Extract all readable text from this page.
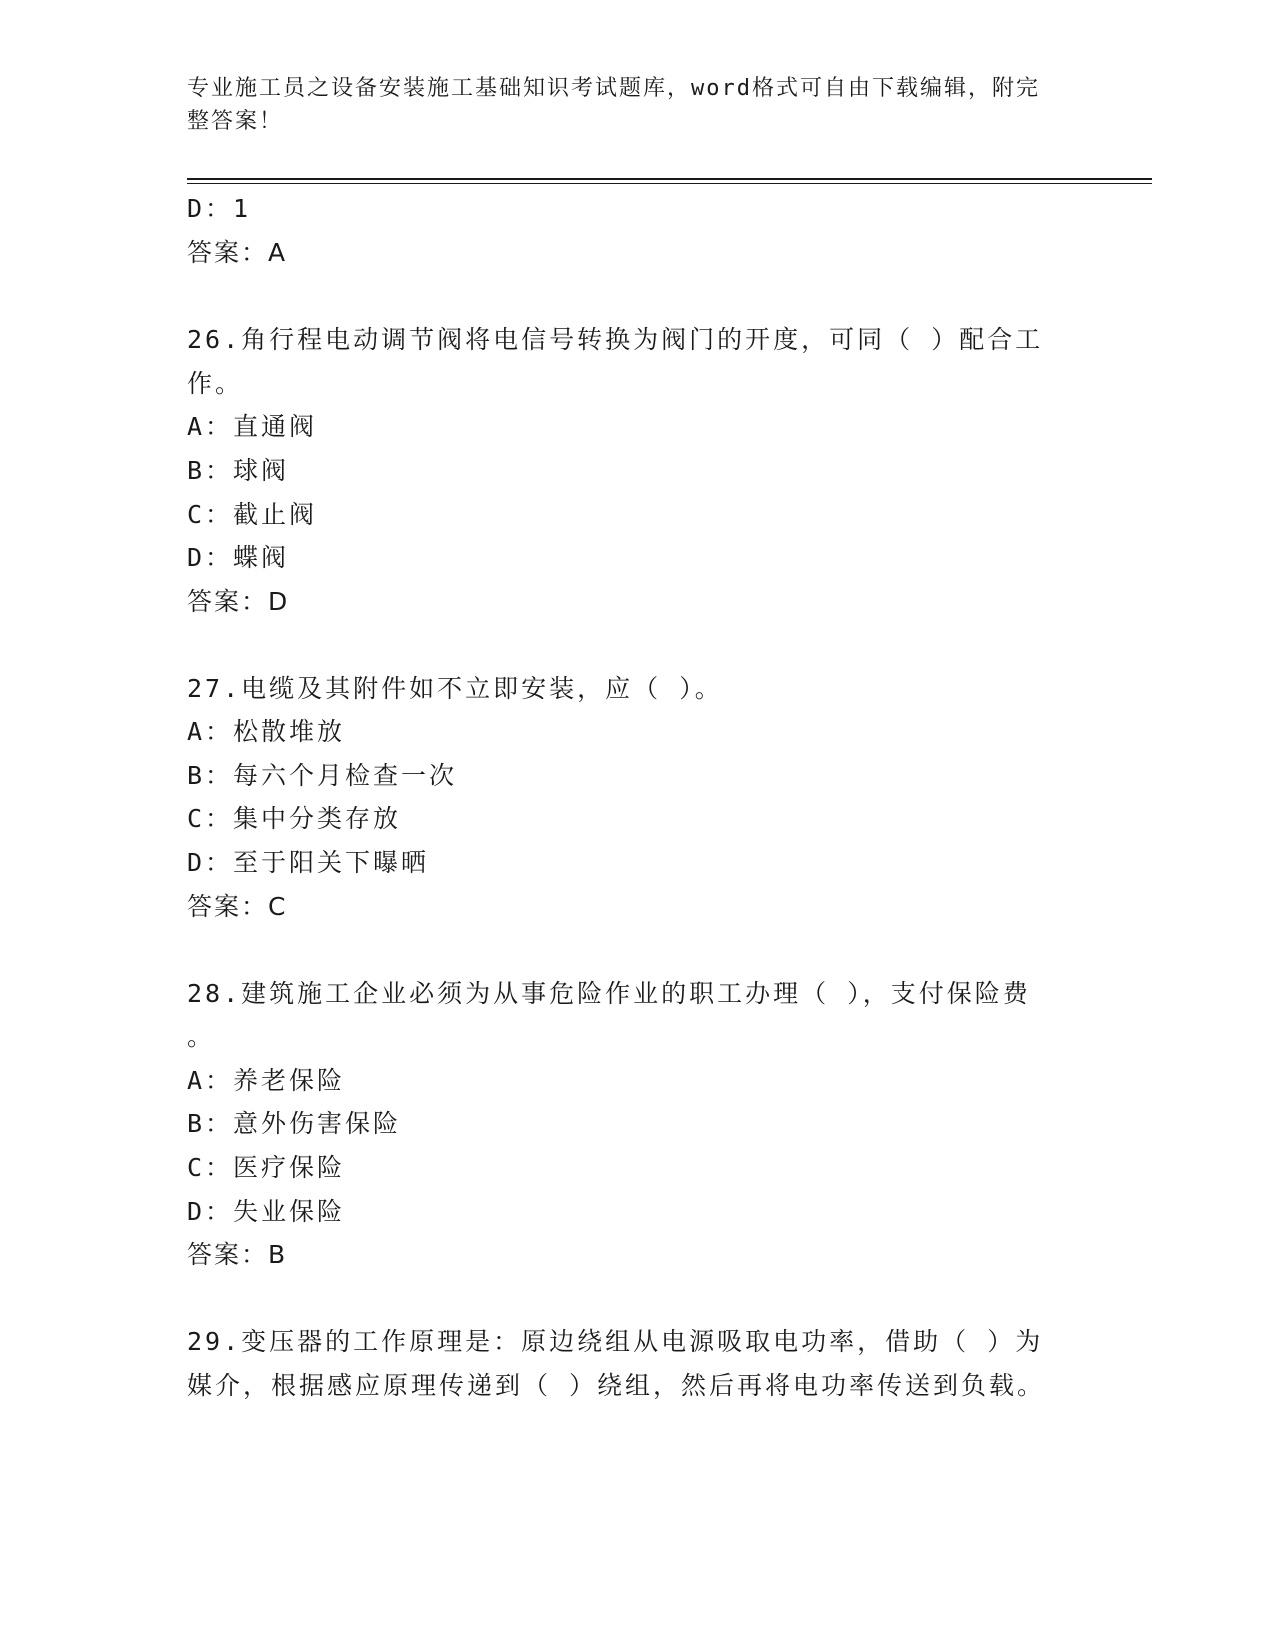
专业施工员之设备安装施工基础知识考试题库，word格式可自由下载编辑，附完
整答案！
D：1
答案：A
26.角行程电动调节阀将电信号转换为阀门的开度，可同（ ）配合工
作。
A：直通阀
B：球阀
C：截止阀
D：蝶阀
答案：D
27.电缆及其附件如不立即安装，应（ ）。
A：松散堆放
B：每六个月检查一次
C：集中分类存放
D：至于阳关下曝晒
答案：C
28.建筑施工企业必须为从事危险作业的职工办理（ ），支付保险费
。
A：养老保险
B：意外伤害保险
C：医疗保险
D：失业保险
答案：B
29.变压器的工作原理是：原边绕组从电源吸取电功率，借助（ ）为
媒介，根据感应原理传递到（ ）绕组，然后再将电功率传送到负载。
